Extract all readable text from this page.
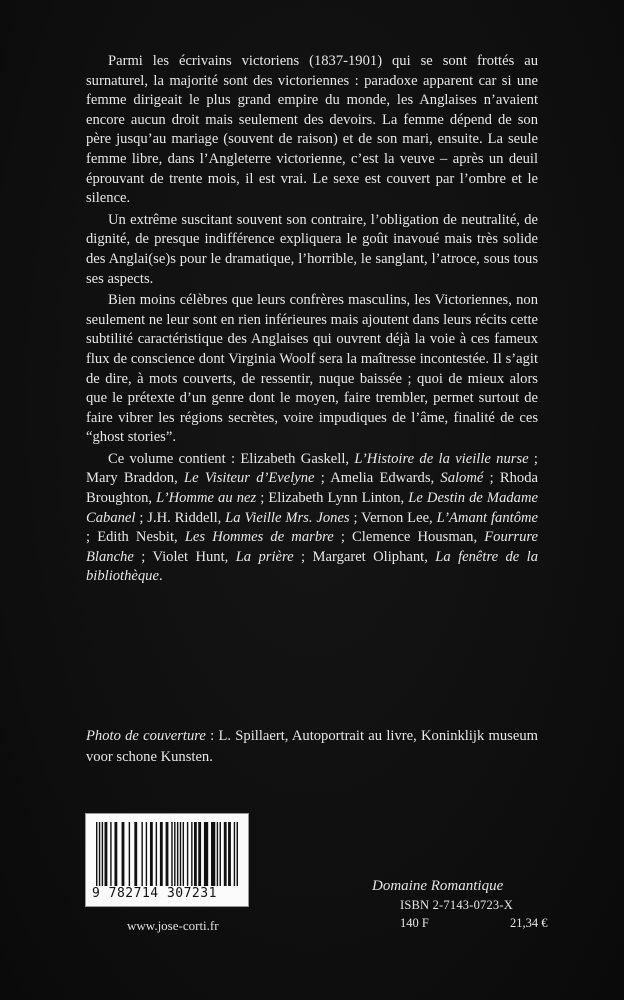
Parmi les écrivains victoriens (1837-1901) qui se sont frottés au surnaturel, la majorité sont des victoriennes : paradoxe apparent car si une femme dirigeait le plus grand empire du monde, les Anglaises n’avaient encore aucun droit mais seulement des devoirs. La femme dépend de son père jusqu’au mariage (souvent de raison) et de son mari, ensuite. La seule femme libre, dans l’Angleterre victorienne, c’est la veuve – après un deuil éprouvant de trente mois, il est vrai. Le sexe est couvert par l’ombre et le silence.

Un extrême suscitant souvent son contraire, l’obligation de neutralité, de dignité, de presque indifférence expliquera le goût inavoué mais très solide des Anglai(se)s pour le dramatique, l’horrible, le sanglant, l’atroce, sous tous ses aspects.

Bien moins célèbres que leurs confrères masculins, les Victoriennes, non seulement ne leur sont en rien inférieures mais ajoutent dans leurs récits cette subtilité caractéristique des Anglaises qui ouvrent déjà la voie à ces fameux flux de conscience dont Virginia Woolf sera la maîtresse incontestée. Il s’agit de dire, à mots couverts, de ressentir, nuque baissée ; quoi de mieux alors que le prétexte d’un genre dont le moyen, faire trembler, permet surtout de faire vibrer les régions secrètes, voire impudiques de l’âme, finalité de ces “ghost stories”.

Ce volume contient : Elizabeth Gaskell, L’Histoire de la vieille nurse ; Mary Braddon, Le Visiteur d’Evelyne ; Amelia Edwards, Salomé ; Rhoda Broughton, L’Homme au nez ; Elizabeth Lynn Linton, Le Destin de Madame Cabanel ; J.H. Riddell, La Vieille Mrs. Jones ; Vernon Lee, L’Amant fantôme ; Edith Nesbit, Les Hommes de marbre ; Clemence Housman, Fourrure Blanche ; Violet Hunt, La prière ; Margaret Oliphant, La fenêtre de la bibliothèque.

Photo de couverture : L. Spillaert, Autoportrait au livre, Koninklijk museum voor schone Kunsten.
9 782714 307231
www.jose-corti.fr

Domaine Romantique

ISBN 2-7143-0723-X
140 F	21,34 €
